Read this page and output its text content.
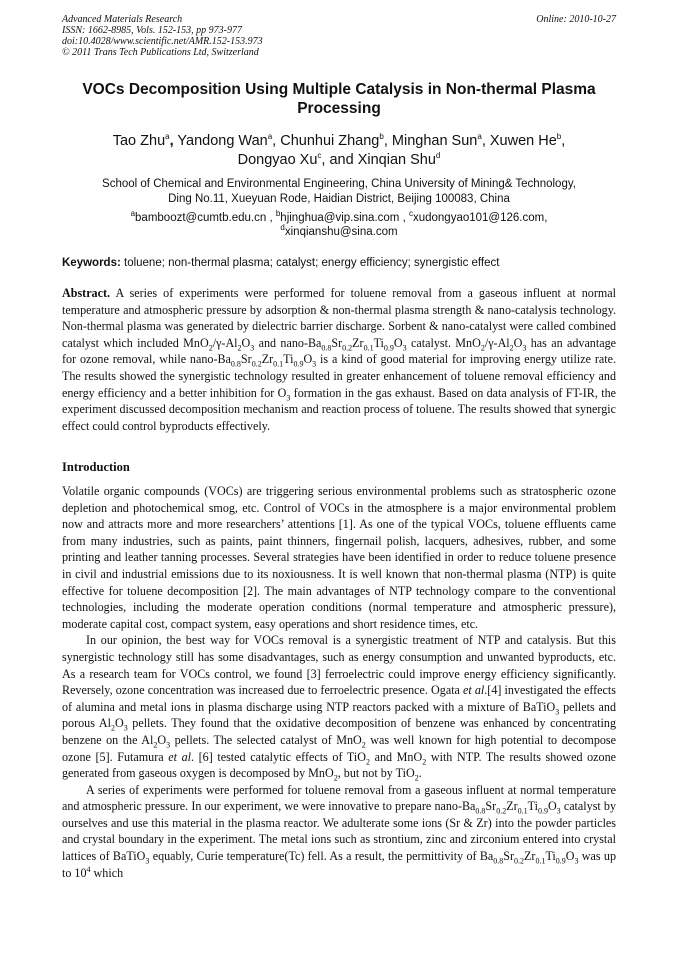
Advanced Materials Research
ISSN: 1662-8985, Vols. 152-153, pp 973-977
doi:10.4028/www.scientific.net/AMR.152-153.973
© 2011 Trans Tech Publications Ltd, Switzerland
Online: 2010-10-27
VOCs Decomposition Using Multiple Catalysis in Non-thermal Plasma Processing
Tao Zhu$^a$, Yandong Wan$^a$, Chunhui Zhang$^b$, Minghan Sun$^a$, Xuwen He$^b$,
Dongyao Xu$^c$, and Xinqian Shu$^d$
School of Chemical and Environmental Engineering, China University of Mining& Technology,
Ding No.11, Xueyuan Rode, Haidian District, Beijing 100083, China
$^a$bamboozt@cumtb.edu.cn , $^b$hjinghua@vip.sina.com , $^c$xudongyao101@126.com,
$^d$xinqianshu@sina.com
Keywords: toluene; non-thermal plasma; catalyst; energy efficiency; synergistic effect
Abstract. A series of experiments were performed for toluene removal from a gaseous influent at normal temperature and atmospheric pressure by adsorption & non-thermal plasma strength & nano-catalysis technology. Non-thermal plasma was generated by dielectric barrier discharge. Sorbent & nano-catalyst were called combined catalyst which included $MnO_2/\gamma-Al_2O_3$ and nano-$Ba_{0.8}Sr_{0.2}Zr_{0.1}Ti_{0.9}O_3$ catalyst. $MnO_2/\gamma-Al_2O_3$ has an advantage for ozone removal, while nano-$Ba_{0.8}Sr_{0.2}Zr_{0.1}Ti_{0.9}O_3$ is a kind of good material for improving energy utilize rate. The results showed the synergistic technology resulted in greater enhancement of toluene removal efficiency and energy efficiency and a better inhibition for $O_3$ formation in the gas exhaust. Based on data analysis of FT-IR, the experiment discussed decomposition mechanism and reaction process of toluene. The results showed that synergic effect could control byproducts effectively.
Introduction

Volatile organic compounds (VOCs) are triggering serious environmental problems such as stratospheric ozone depletion and photochemical smog, etc. Control of VOCs in the atmosphere is a major environmental problem now and attracts more and more researchers’ attentions [1]. As one of the typical VOCs, toluene effluents came from many industries, such as paints, paint thinners, fingernail polish, lacquers, adhesives, rubber, and some printing and leather tanning processes. Several strategies have been identified in order to reduce toluene presence in civil and industrial emissions due to its noxiousness. It is well known that non-thermal plasma (NTP) is quite effective for toluene decomposition [2]. The main advantages of NTP technology compare to the conventional technologies, including the moderate operation conditions (normal temperature and atmospheric pressure), moderate capital cost, compact system, easy operations and short residence times, etc.

In our opinion, the best way for VOCs removal is a synergistic treatment of NTP and catalysis. But this synergistic technology still has some disadvantages, such as energy consumption and unwanted byproducts, etc. As a research team for VOCs control, we found [3] ferroelectric could improve energy efficiency significantly. Reversely, ozone concentration was increased due to ferroelectric presence. Ogata et al.[4] investigated the effects of alumina and metal ions in plasma discharge using NTP reactors packed with a mixture of BaTiO$_3$ pellets and porous $Al_2O_3$ pellets. They found that the oxidative decomposition of benzene was enhanced by concentrating benzene on the $Al_2O_3$ pellets. The selected catalyst of MnO$_2$ was well known for high potential to decompose ozone [5]. Futamura et al. [6] tested catalytic effects of TiO$_2$ and MnO$_2$ with NTP. The results showed ozone generated from gaseous oxygen is decomposed by MnO$_2$, but not by TiO$_2$.

A series of experiments were performed for toluene removal from a gaseous influent at normal temperature and atmospheric pressure. In our experiment, we were innovative to prepare nano-$Ba_{0.8}Sr_{0.2}Zr_{0.1}Ti_{0.9}O_3$ catalyst by ourselves and use this material in the plasma reactor. We adulterate some ions (Sr & Zr) into the powder particles and crystal boundary in the experiment. The metal ions such as strontium, zinc and zirconium entered into crystal lattices of BaTiO$_3$ equably, Curie temperature(Tc) fell. As a result, the permittivity of $Ba_{0.8}Sr_{0.2}Zr_{0.1}Ti_{0.9}O_3$ was up to $10^4$ which
